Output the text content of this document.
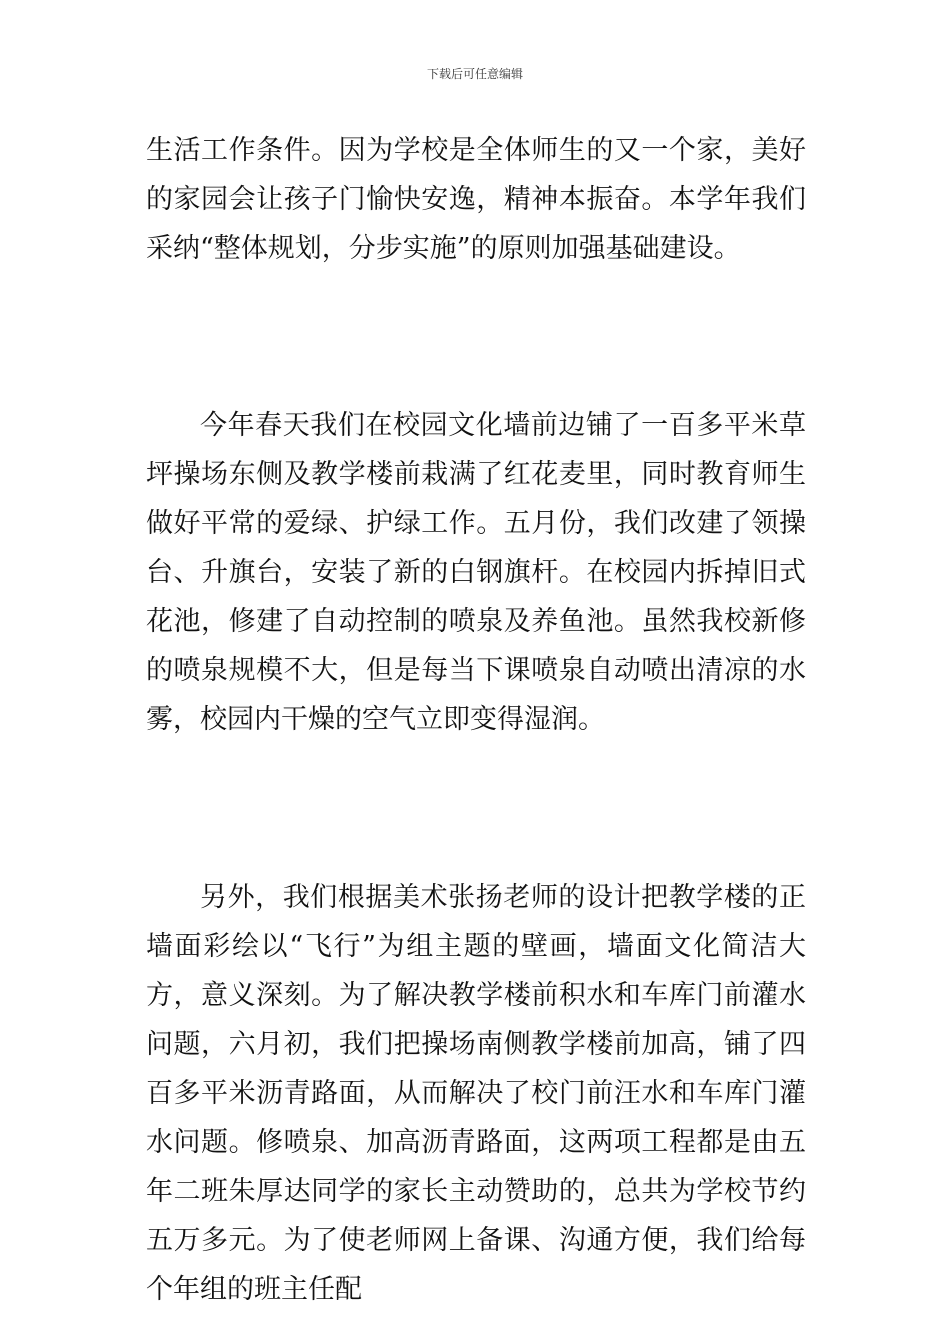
下载后可任意编辑

生活工作条件。因为学校是全体师生的又一个家，美好的家园会让孩子门愉快安逸，精神本振奋。本学年我们采纳“整体规划，分步实施”的原则加强基础建设。

今年春天我们在校园文化墙前边铺了一百多平米草坪操场东侧及教学楼前栽满了红花麦里，同时教育师生做好平常的爱绿、护绿工作。五月份，我们改建了领操台、升旗台，安装了新的白钢旗杆。在校园内拆掉旧式花池，修建了自动控制的喷泉及养鱼池。虽然我校新修的喷泉规模不大，但是每当下课喷泉自动喷出清凉的水雾，校园内干燥的空气立即变得湿润。

另外，我们根据美术张扬老师的设计把教学楼的正墙面彩绘以“飞行”为组主题的壁画，墙面文化简洁大方，意义深刻。为了解决教学楼前积水和车库门前灌水问题，六月初，我们把操场南侧教学楼前加高，铺了四百多平米沥青路面，从而解决了校门前汪水和车库门灌水问题。修喷泉、加高沥青路面，这两项工程都是由五年二班朱厚达同学的家长主动赞助的，总共为学校节约五万多元。为了使老师网上备课、沟通方便，我们给每个年组的班主任配
